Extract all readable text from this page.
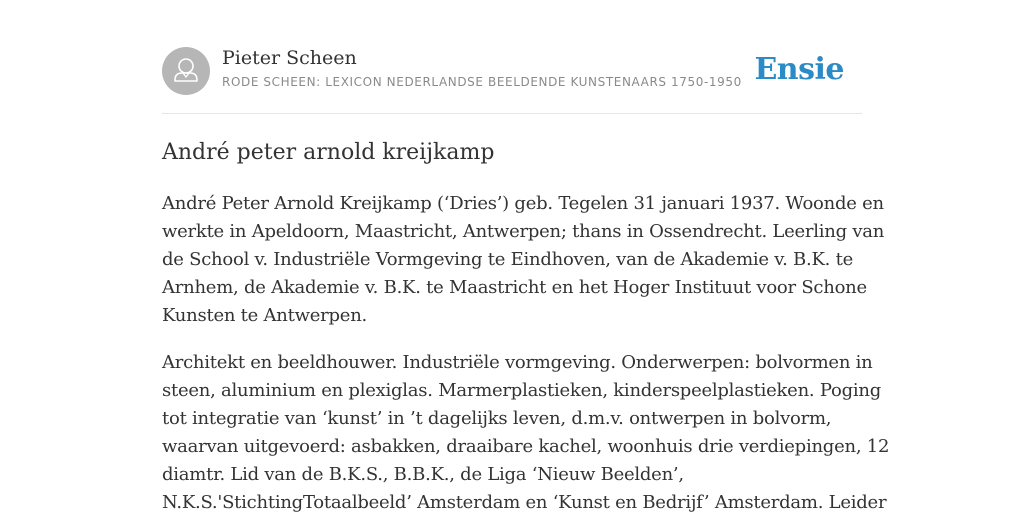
Pieter Scheen
RODE SCHEEN: LEXICON NEDERLANDSE BEELDENDE KUNSTENAARS 1750-1950 Ensie
André peter arnold kreijkamp

André Peter Arnold Kreijkamp (‘Dries’) geb. Tegelen 31 januari 1937. Woonde en
werkte in Apeldoorn, Maastricht, Antwerpen; thans in Ossendrecht. Leerling van
de School v. Industriële Vormgeving te Eindhoven, van de Akademie v. B.K. te
Arnhem, de Akademie v. B.K. te Maastricht en het Hoger Instituut voor Schone
Kunsten te Antwerpen.

Architekt en beeldhouwer. Industriële vormgeving. Onderwerpen: bolvormen in
steen, aluminium en plexiglas. Marmerplastieken, kinderspeelplastieken. Poging
tot integratie van ‘kunst’ in ’t dagelijks leven, d.m.v. ontwerpen in bolvorm,
waarvan uitgevoerd: asbakken, draaibare kachel, woonhuis drie verdiepingen, 12
diamtr. Lid van de B.K.S., B.B.K., de Liga ‘Nieuw Beelden’,
N.K.S.'StichtingTotaalbeeld’ Amsterdam en ‘Kunst en Bedrijf’ Amsterdam. Leider
